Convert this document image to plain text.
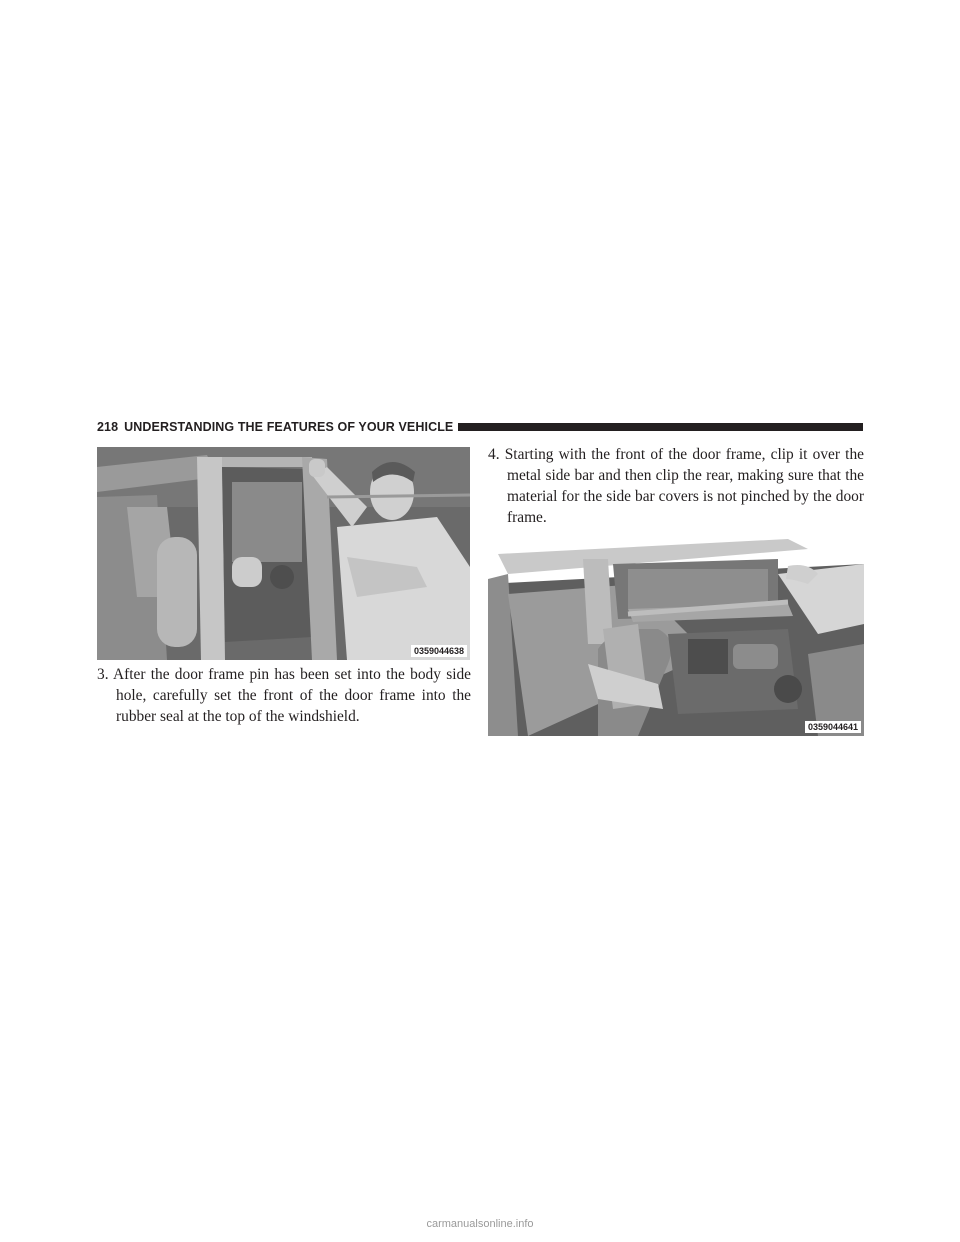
218 UNDERSTANDING THE FEATURES OF YOUR VEHICLE
0359044638

3. After the door frame pin has been set into the body side hole, carefully set the front of the door frame into the rubber seal at the top of the windshield.

4. Starting with the front of the door frame, clip it over the metal side bar and then clip the rear, making sure that the material for the side bar covers is not pinched by the door frame.

0359044641
carmanualsonline.info
